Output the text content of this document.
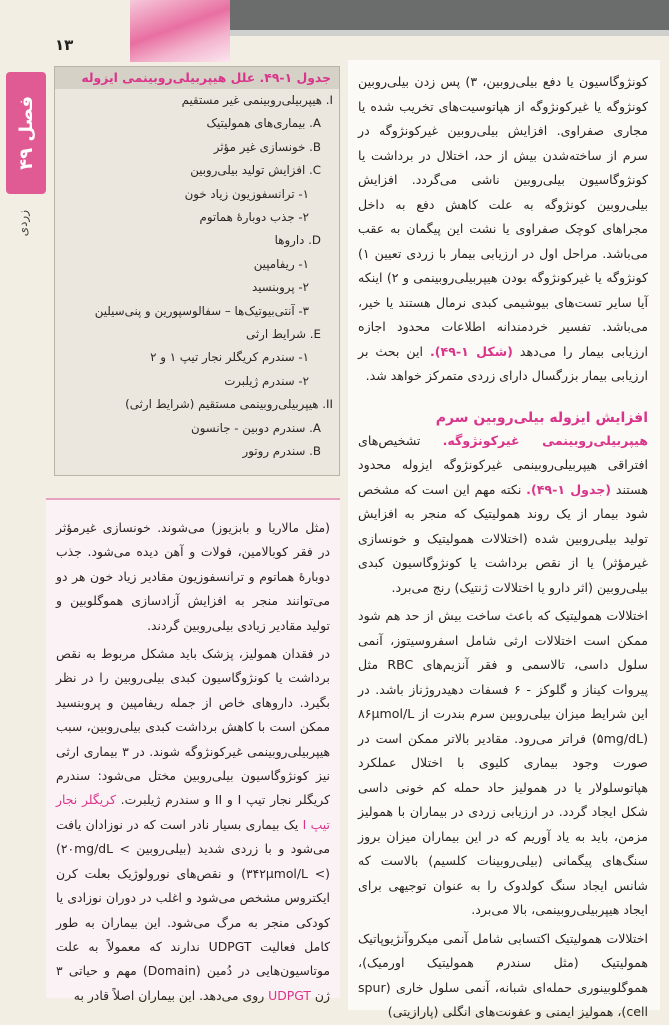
۱۳
فصل ۴۹
زردی
جدول ۱-۴۹. علل هیپربیلی‌روبینمی ایزوله
I. هیپربیلی‌روبینمی غیر مستقیم
A. بیماری‌های همولیتیک
B. خونسازی غیر مؤثر
C. افزایش تولید بیلی‌روبین
۱- ترانسفوزیون زیاد خون
۲- جذب دوبارهٔ هماتوم
D. داروها
۱- ریفامپین
۲- پروبنسید
۳- آنتی‌بیوتیک‌ها – سفالوسپورین و پنی‌سیلین
E. شرایط ارثی
۱- سندرم کریگلر نجار تیپ ۱ و ۲
۲- سندرم ژیلبرت
II. هیپربیلی‌روبینمی مستقیم (شرایط ارثی)
A. سندرم دوبین - جانسون
B. سندرم روتور

کونژوگاسیون یا دفع بیلی‌روبین، ۳) پس زدن بیلی‌روبین کونژوگه یا غیرکونژوگه از هپاتوسیت‌های تخریب شده یا مجاری صفراوی. افزایش بیلی‌روبین غیرکونژوگه در سرم از ساخته‌شدن بیش از حد، اختلال در برداشت یا کونژوگاسیون بیلی‌روبین ناشی می‌گردد. افزایش بیلی‌روبین کونژوگه به علت کاهش دفع به داخل مجراهای کوچک صفراوی یا نشت این پیگمان به عقب می‌باشد. مراحل اول در ارزیابی بیمار با زردی تعیین ۱) کونژوگه یا غیرکونژوگه بودن هیپربیلی‌روبینمی و ۲) اینکه آیا سایر تست‌های بیوشیمی کبدی نرمال هستند یا خیر، می‌باشد. تفسیر خردمندانه اطلاعات محدود اجازه ارزیابی بیمار را می‌دهد (شکل ۱-۴۹). این بحث بر ارزیابی بیمار بزرگسال دارای زردی متمرکز خواهد شد.

افزایش ایزوله بیلی‌روبین سرم

هیپربیلی‌روبینمی غیرکونژوگه. تشخیص‌های افتراقی هیپربیلی‌روبینمی غیرکونژوگه ایزوله محدود هستند (جدول ۱-۴۹). نکته مهم این است که مشخص شود بیمار از یک روند همولیتیک که منجر به افزایش تولید بیلی‌روبین شده (اختلالات همولیتیک و خونسازی غیرمؤثر) یا از نقص برداشت یا کونژوگاسیون کبدی بیلی‌روبین (اثر دارو یا اختلالات ژنتیک) رنج می‌برد.

اختلالات همولیتیک که باعث ساخت بیش از حد هم شود ممکن است اختلالات ارثی شامل اسفروسیتوز، آنمی سلول داسی، تالاسمی و فقر آنزیم‌های RBC مثل پیروات کیناز و گلوکز - ۶ فسفات دهیدروژناز باشد. در این شرایط میزان بیلی‌روبین سرم بندرت از ۸۶μmol/L (۵mg/dL) فراتر می‌رود. مقادیر بالاتر ممکن است در صورت وجود بیماری کلیوی با اختلال عملکرد هپاتوسلولار یا در همولیز حاد حمله کم خونی داسی شکل ایجاد گردد. در ارزیابی زردی در بیماران با همولیز مزمن، باید به یاد آوریم که در این بیماران میزان بروز سنگ‌های پیگمانی (بیلی‌روبینات کلسیم) بالاست که شانس ایجاد سنگ کولدوک را به عنوان توجیهی برای ایجاد هیپربیلی‌روبینمی، بالا می‌برد.

اختلالات همولیتیک اکتسابی شامل آنمی میکروآنژیوپاتیک همولیتیک (مثل سندرم همولیتیک اورمیک)، هموگلوبینوری حمله‌ای شبانه، آنمی سلول خاری (spur cell)، همولیز ایمنی و عفونت‌های انگلی (پارازیتی)

(مثل مالاریا و بابزیوز) می‌شوند. خونسازی غیرمؤثر در فقر کوبالامین، فولات و آهن دیده می‌شود. جذب دوبارهٔ هماتوم و ترانسفوزیون مقادیر زیاد خون هر دو می‌توانند منجر به افزایش آزادسازی هموگلوبین و تولید مقادیر زیادی بیلی‌روبین گردند.

در فقدان همولیز، پزشک باید مشکل مربوط به نقص برداشت یا کونژوگاسیون کبدی بیلی‌روبین را در نظر بگیرد. داروهای خاص از جمله ریفامپین و پروبنسید ممکن است با کاهش برداشت کبدی بیلی‌روبین، سبب هیپربیلی‌روبینمی غیرکونژوگه شوند. در ۳ بیماری ارثی نیز کونژوگاسیون بیلی‌روبین مختل می‌شود: سندرم کریگلر نجار تیپ I و II و سندرم ژیلبرت. کریگلر نجار تیپ I یک بیماری بسیار نادر است که در نوزادان یافت می‌شود و با زردی شدید (بیلی‌روبین > ۲۰mg/dL) (> ۳۴۲μmol/L) و نقص‌های نورولوژیک بعلت کرن ایکتروس مشخص می‌شود و اغلب در دوران نوزادی یا کودکی منجر به مرگ می‌شود. این بیماران به طور کامل فعالیت UDPGT ندارند که معمولاً به علت موتاسیون‌هایی در دُمین (Domain) مهم و حیاتی ۳ ژن UDPGT روی می‌دهد. این بیماران اصلاً قادر به
